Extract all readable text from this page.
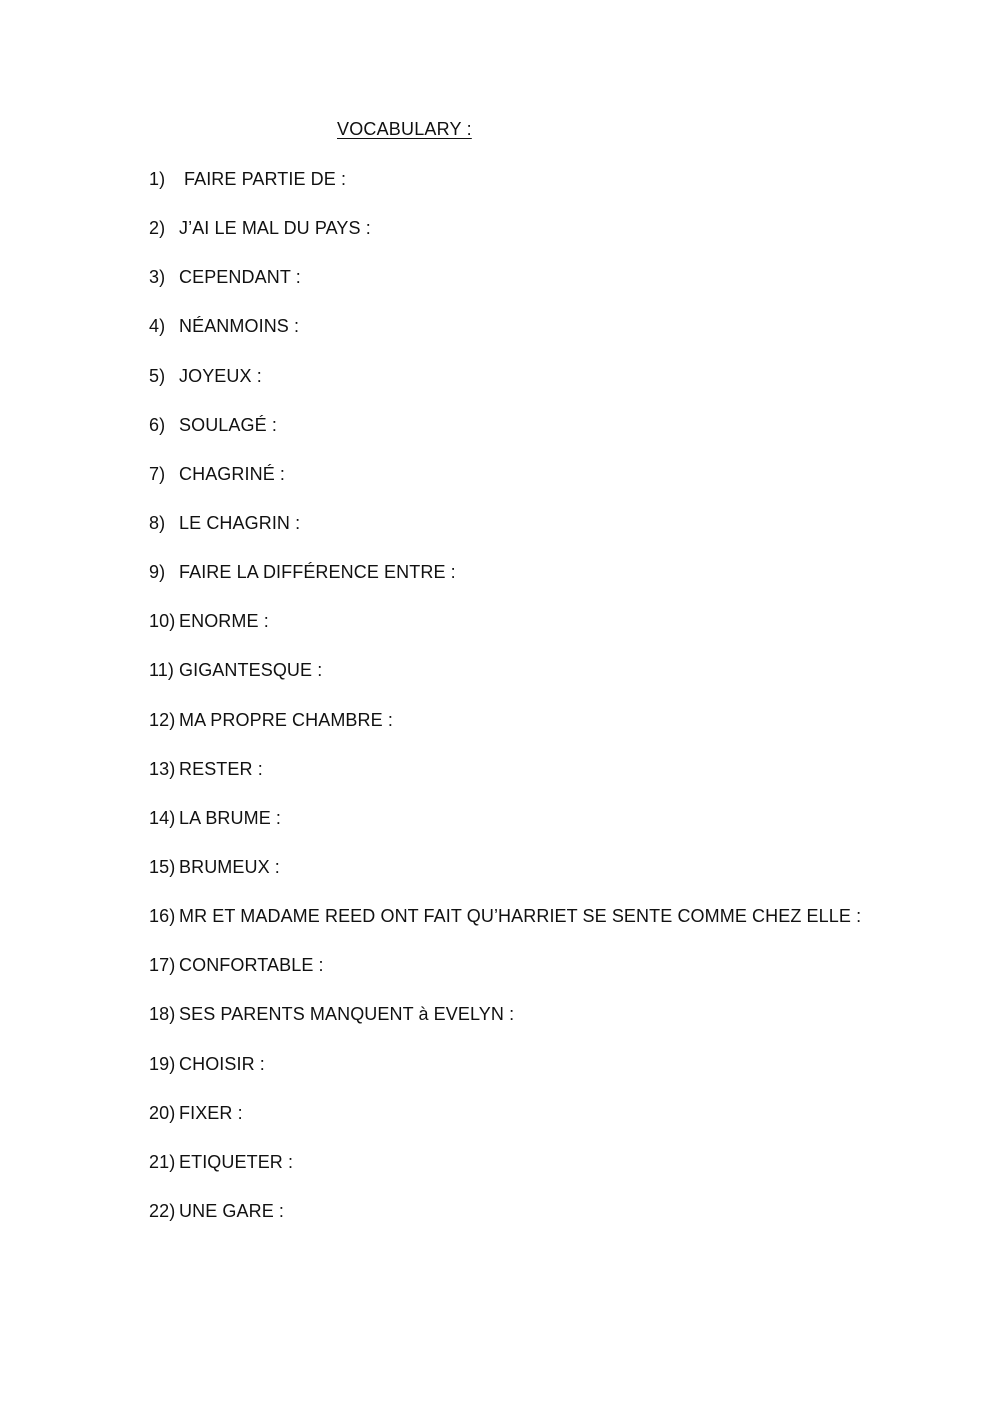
VOCABULARY :
1) FAIRE PARTIE DE :
2) J’AI LE MAL DU PAYS :
3) CEPENDANT :
4) NÉANMOINS :
5) JOYEUX :
6) SOULAGÉ :
7) CHAGRINÉ :
8) LE CHAGRIN :
9) FAIRE LA DIFFÉRENCE ENTRE :
10) ENORME :
11) GIGANTESQUE :
12) MA PROPRE CHAMBRE :
13) RESTER :
14) LA BRUME :
15) BRUMEUX :
16) MR ET MADAME REED ONT FAIT QU’HARRIET SE SENTE COMME CHEZ ELLE :
17) CONFORTABLE :
18) SES PARENTS MANQUENT à EVELYN :
19) CHOISIR :
20) FIXER :
21) ETIQUETER :
22) UNE GARE :
